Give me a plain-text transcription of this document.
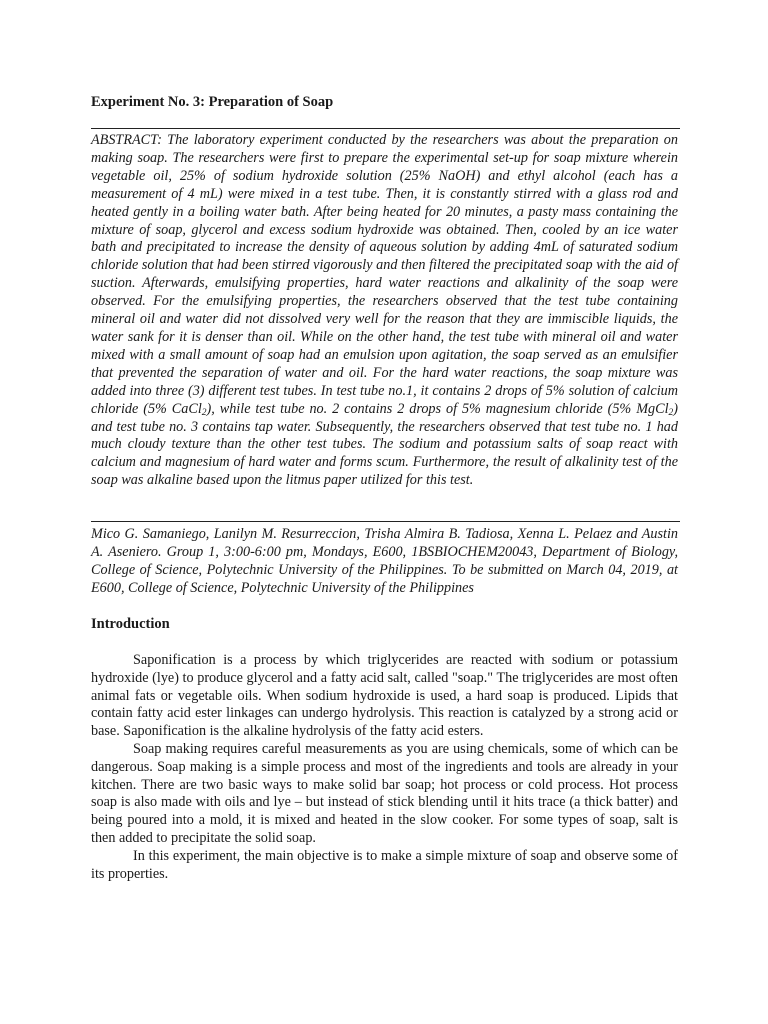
Experiment No. 3: Preparation of Soap

ABSTRACT: The laboratory experiment conducted by the researchers was about the preparation on making soap. The researchers were first to prepare the experimental set-up for soap mixture wherein vegetable oil, 25% of sodium hydroxide solution (25% NaOH) and ethyl alcohol (each has a measurement of 4 mL) were mixed in a test tube. Then, it is constantly stirred with a glass rod and heated gently in a boiling water bath. After being heated for 20 minutes, a pasty mass containing the mixture of soap, glycerol and excess sodium hydroxide was obtained. Then, cooled by an ice water bath and precipitated to increase the density of aqueous solution by adding 4mL of saturated sodium chloride solution that had been stirred vigorously and then filtered the precipitated soap with the aid of suction. Afterwards, emulsifying properties, hard water reactions and alkalinity of the soap were observed. For the emulsifying properties, the researchers observed that the test tube containing mineral oil and water did not dissolved very well for the reason that they are immiscible liquids, the water sank for it is denser than oil. While on the other hand, the test tube with mineral oil and water mixed with a small amount of soap had an emulsion upon agitation, the soap served as an emulsifier that prevented the separation of water and oil. For the hard water reactions, the soap mixture was added into three (3) different test tubes. In test tube no.1, it contains 2 drops of 5% solution of calcium chloride (5% CaCl$_2$), while test tube no. 2 contains 2 drops of 5% magnesium chloride (5% MgCl$_2$) and test tube no. 3 contains tap water. Subsequently, the researchers observed that test tube no. 1 had much cloudy texture than the other test tubes. The sodium and potassium salts of soap react with calcium and magnesium of hard water and forms scum. Furthermore, the result of alkalinity test of the soap was alkaline based upon the litmus paper utilized for this test.

Mico G. Samaniego, Lanilyn M. Resurreccion, Trisha Almira B. Tadiosa, Xenna L. Pelaez and Austin A. Aseniero. Group 1, 3:00-6:00 pm, Mondays, E600, 1BSBIOCHEM20043, Department of Biology, College of Science, Polytechnic University of the Philippines. To be submitted on March 04, 2019, at E600, College of Science, Polytechnic University of the Philippines

Introduction

Saponification is a process by which triglycerides are reacted with sodium or potassium hydroxide (lye) to produce glycerol and a fatty acid salt, called "soap." The triglycerides are most often animal fats or vegetable oils. When sodium hydroxide is used, a hard soap is produced. Lipids that contain fatty acid ester linkages can undergo hydrolysis. This reaction is catalyzed by a strong acid or base. Saponification is the alkaline hydrolysis of the fatty acid esters.

Soap making requires careful measurements as you are using chemicals, some of which can be dangerous. Soap making is a simple process and most of the ingredients and tools are already in your kitchen. There are two basic ways to make solid bar soap; hot process or cold process. Hot process soap is also made with oils and lye – but instead of stick blending until it hits trace (a thick batter) and being poured into a mold, it is mixed and heated in the slow cooker. For some types of soap, salt is then added to precipitate the solid soap.

In this experiment, the main objective is to make a simple mixture of soap and observe some of its properties.
